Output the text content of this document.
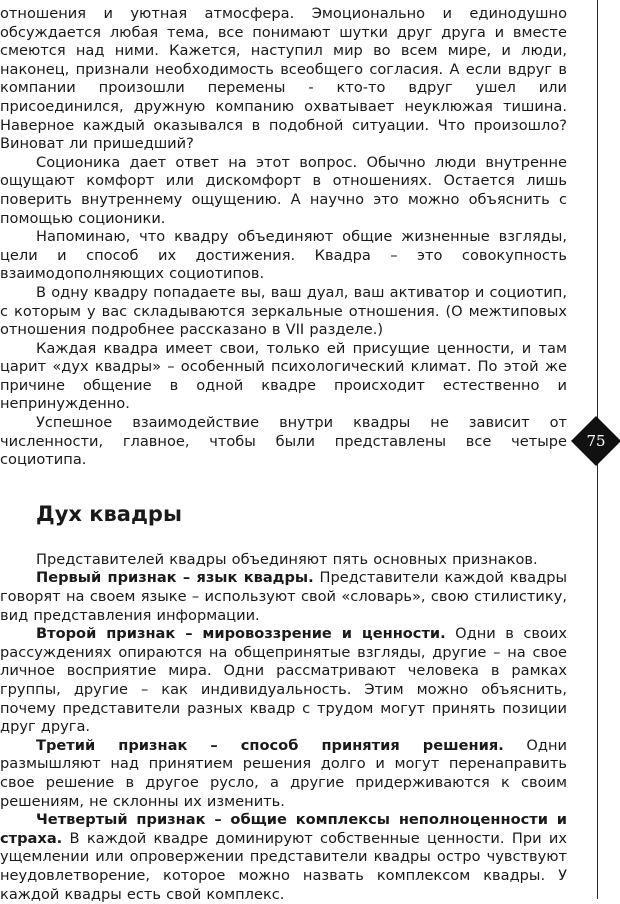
отношения и уютная атмосфера. Эмоционально и единодушно обсуждается любая тема, все понимают шутки друг друга и вместе смеются над ними. Кажется, наступил мир во всем мире, и люди, наконец, признали необходимость всеобщего согласия. А если вдруг в компании произошли перемены - кто-то вдруг ушел или присоединился, дружную компанию охватывает неуклюжая тишина. Наверное каждый оказывался в подобной ситуации. Что произошло? Виноват ли пришедший?

Соционика дает ответ на этот вопрос. Обычно люди внутренне ощущают комфорт или дискомфорт в отношениях. Остается лишь поверить внутреннему ощущению. А научно это можно объяснить с помощью соционики.

Напоминаю, что квадру объединяют общие жизненные взгляды, цели и способ их достижения. Квадра – это совокупность взаимодополняющих социотипов.

В одну квадру попадаете вы, ваш дуал, ваш активатор и социотип, с которым у вас складываются зеркальные отношения. (О межтиповых отношения подробнее рассказано в VII разделе.)

Каждая квадра имеет свои, только ей присущие ценности, и там царит «дух квадры» – особенный психологический климат. По этой же причине общение в одной квадре происходит естественно и непринужденно.

Успешное взаимодействие внутри квадры не зависит от численности, главное, чтобы были представлены все четыре социотипа.

Дух квадры

Представителей квадры объединяют пять основных признаков.

Первый признак – язык квадры. Представители каждой квадры говорят на своем языке – используют свой «словарь», свою стилистику, вид представления информации.

Второй признак – мировоззрение и ценности. Одни в своих рассуждениях опираются на общепринятые взгляды, другие – на свое личное восприятие мира. Одни рассматривают человека в рамках группы, другие – как индивидуальность. Этим можно объяснить, почему представители разных квадр с трудом могут принять позиции друг друга.

Третий признак – способ принятия решения. Одни размышляют над принятием решения долго и могут перенаправить свое решение в другое русло, а другие придерживаются к своим решениям, не склонны их изменить.

Четвертый признак – общие комплексы неполноценности и страха. В каждой квадре доминируют собственные ценности. При их ущемлении или опровержении представители квадры остро чувствуют неудовлетворение, которое можно назвать комплексом квадры. У каждой квадры есть свой комплекс.

75
